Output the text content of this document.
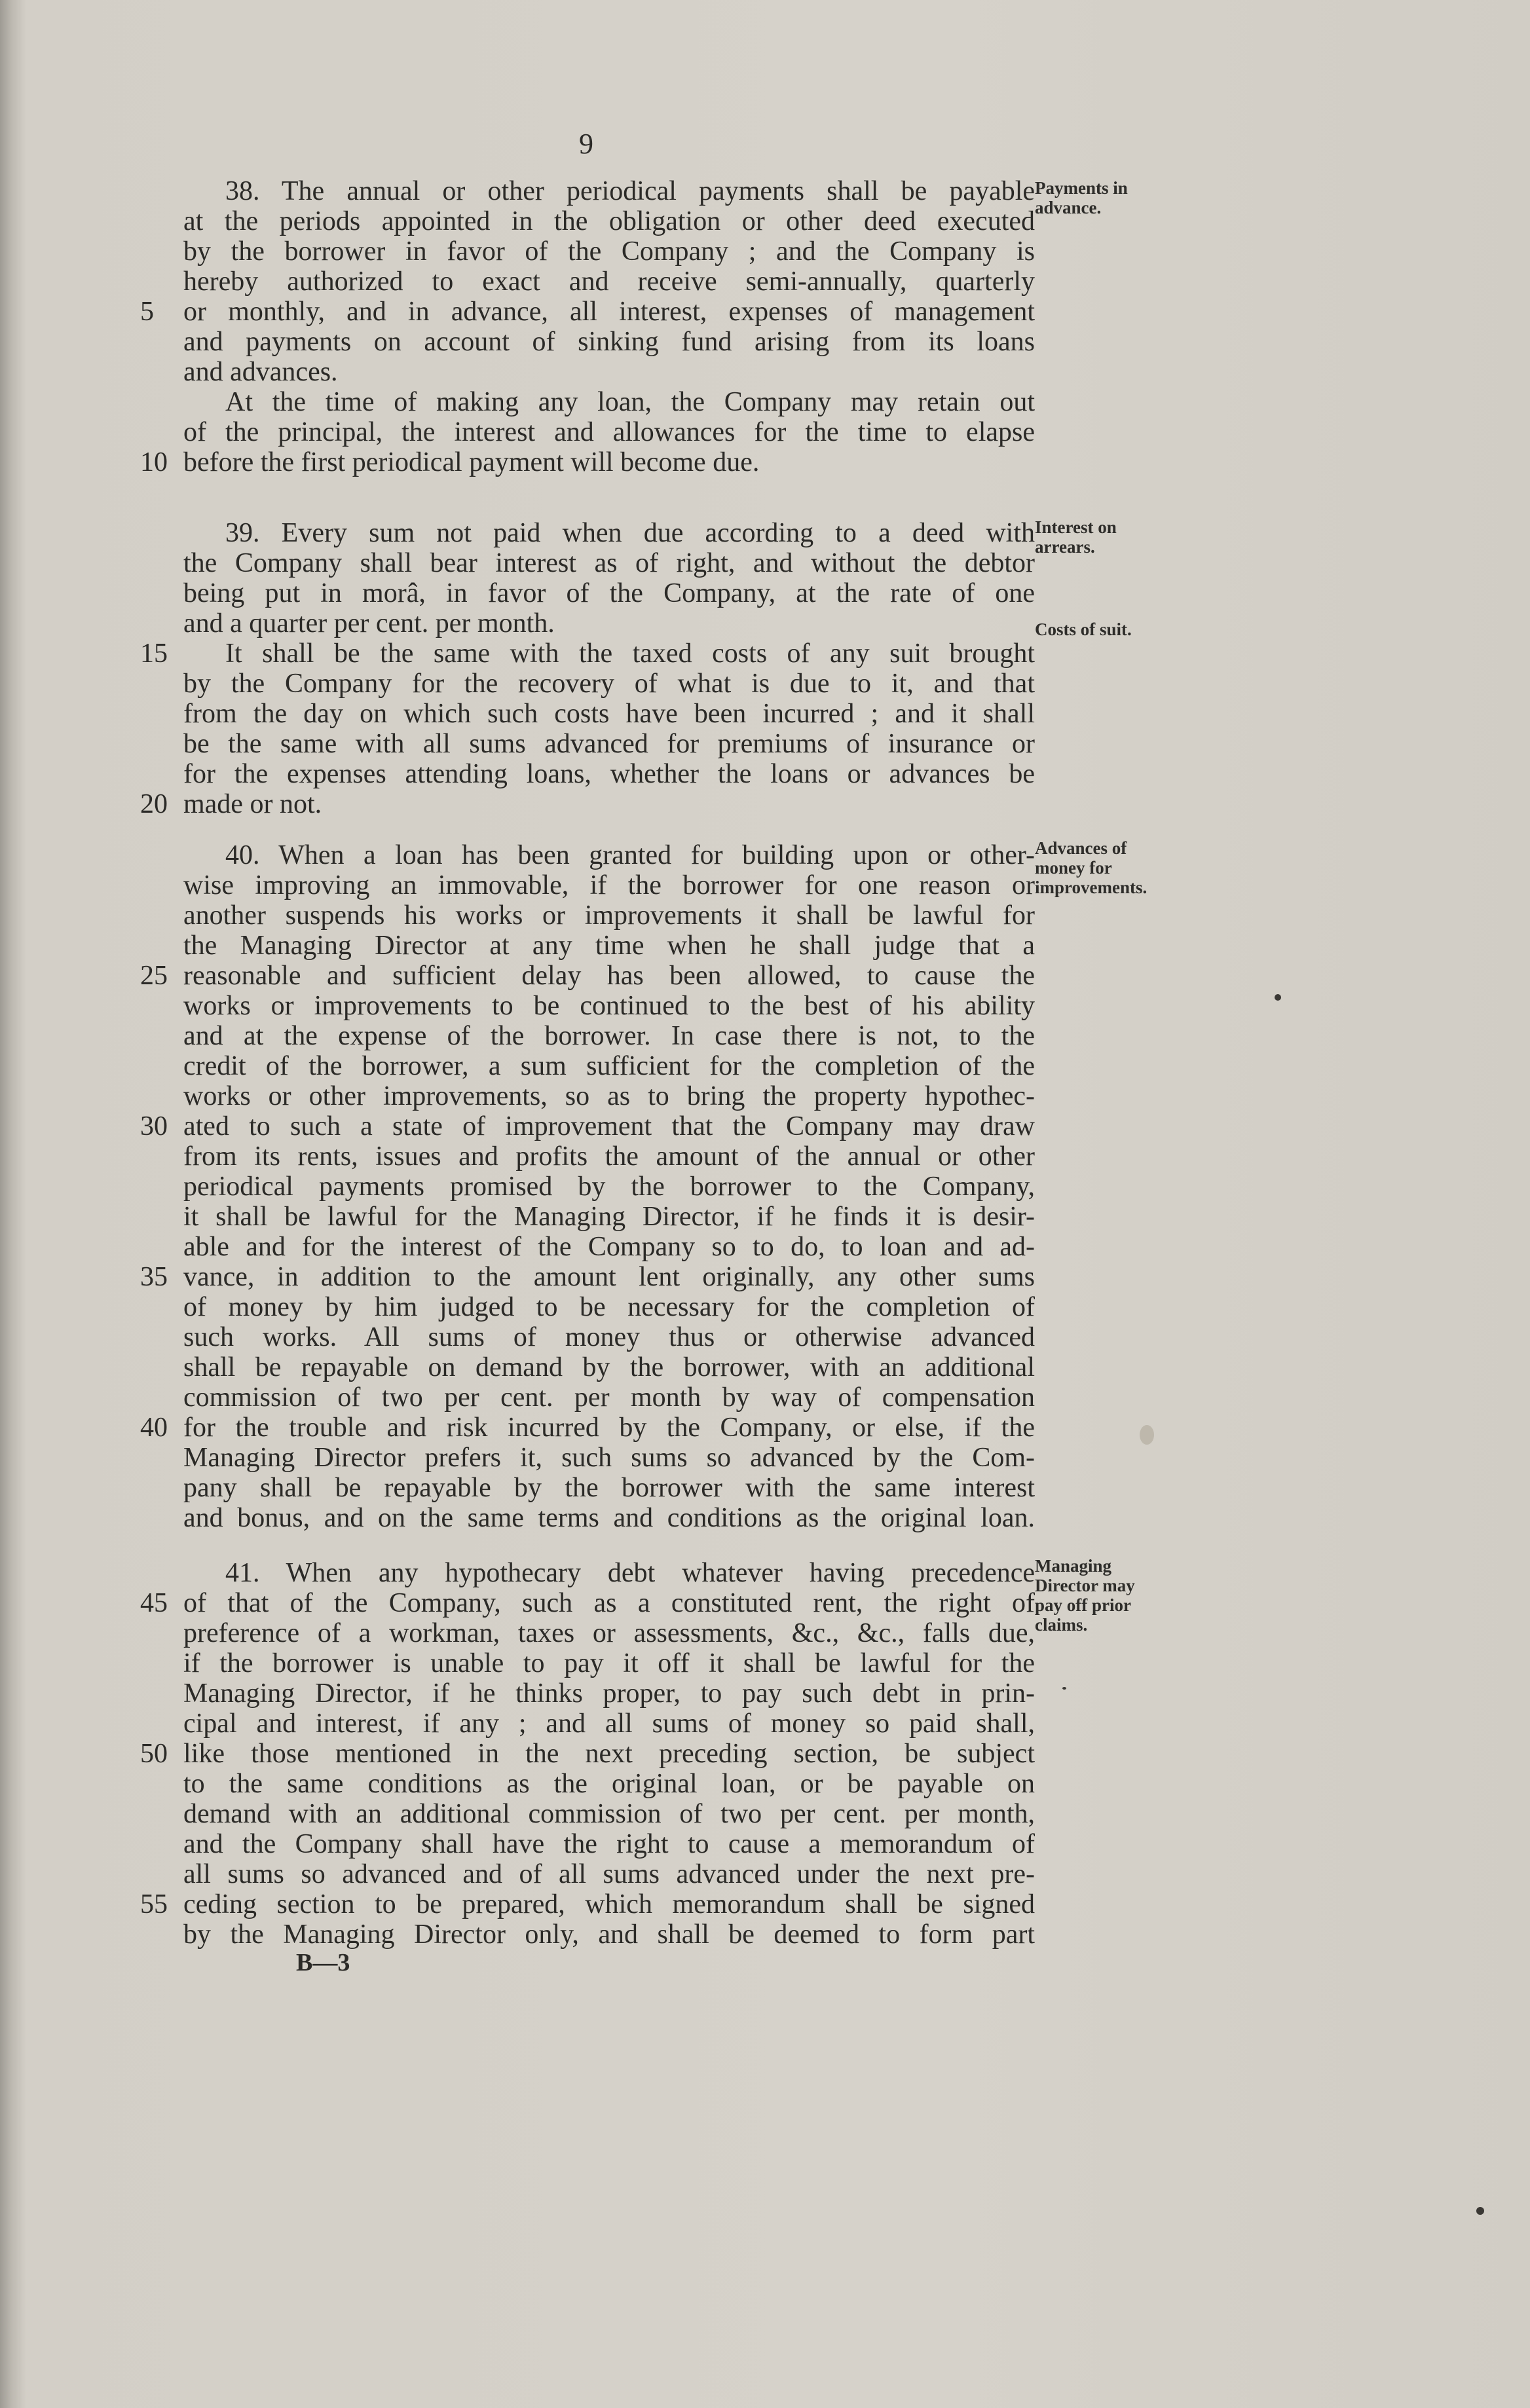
9
38. The annual or other periodical payments shall be payable
at the periods appointed in the obligation or other deed executed
by the borrower in favor of the Company ; and the Company is
hereby authorized to exact and receive semi-annually, quarterly
or monthly, and in advance, all interest, expenses of management
and payments on account of sinking fund arising from its loans
and advances.
At the time of making any loan, the Company may retain out
of the principal, the interest and allowances for the time to elapse
before the first periodical payment will become due.
Payments in advance.
39. Every sum not paid when due according to a deed with
the Company shall bear interest as of right, and without the debtor
being put in morâ, in favor of the Company, at the rate of one
and a quarter per cent. per month.
It shall be the same with the taxed costs of any suit brought
by the Company for the recovery of what is due to it, and that
from the day on which such costs have been incurred ; and it shall
be the same with all sums advanced for premiums of insurance or
for the expenses attending loans, whether the loans or advances be
made or not.
Interest on arrears.
Costs of suit.
40. When a loan has been granted for building upon or other-
wise improving an immovable, if the borrower for one reason or
another suspends his works or improvements it shall be lawful for
the Managing Director at any time when he shall judge that a
reasonable and sufficient delay has been allowed, to cause the
works or improvements to be continued to the best of his ability
and at the expense of the borrower. In case there is not, to the
credit of the borrower, a sum sufficient for the completion of the
works or other improvements, so as to bring the property hypothec-
ated to such a state of improvement that the Company may draw
from its rents, issues and profits the amount of the annual or other
periodical payments promised by the borrower to the Company,
it shall be lawful for the Managing Director, if he finds it is desir-
able and for the interest of the Company so to do, to loan and ad-
vance, in addition to the amount lent originally, any other sums
of money by him judged to be necessary for the completion of
such works. All sums of money thus or otherwise advanced
shall be repayable on demand by the borrower, with an additional
commission of two per cent. per month by way of compensation
for the trouble and risk incurred by the Company, or else, if the
Managing Director prefers it, such sums so advanced by the Com-
pany shall be repayable by the borrower with the same interest
and bonus, and on the same terms and conditions as the original loan.
Advances of money for improvements.
41. When any hypothecary debt whatever having precedence
of that of the Company, such as a constituted rent, the right of
preference of a workman, taxes or assessments, &c., &c., falls due,
if the borrower is unable to pay it off it shall be lawful for the
Managing Director, if he thinks proper, to pay such debt in prin-
cipal and interest, if any ; and all sums of money so paid shall,
like those mentioned in the next preceding section, be subject
to the same conditions as the original loan, or be payable on
demand with an additional commission of two per cent. per month,
and the Company shall have the right to cause a memorandum of
all sums so advanced and of all sums advanced under the next pre-
ceding section to be prepared, which memorandum shall be signed
by the Managing Director only, and shall be deemed to form part
Managing Director may pay off prior claims.
5
10
15
20
25
30
35
40
45
50
55
B—3
